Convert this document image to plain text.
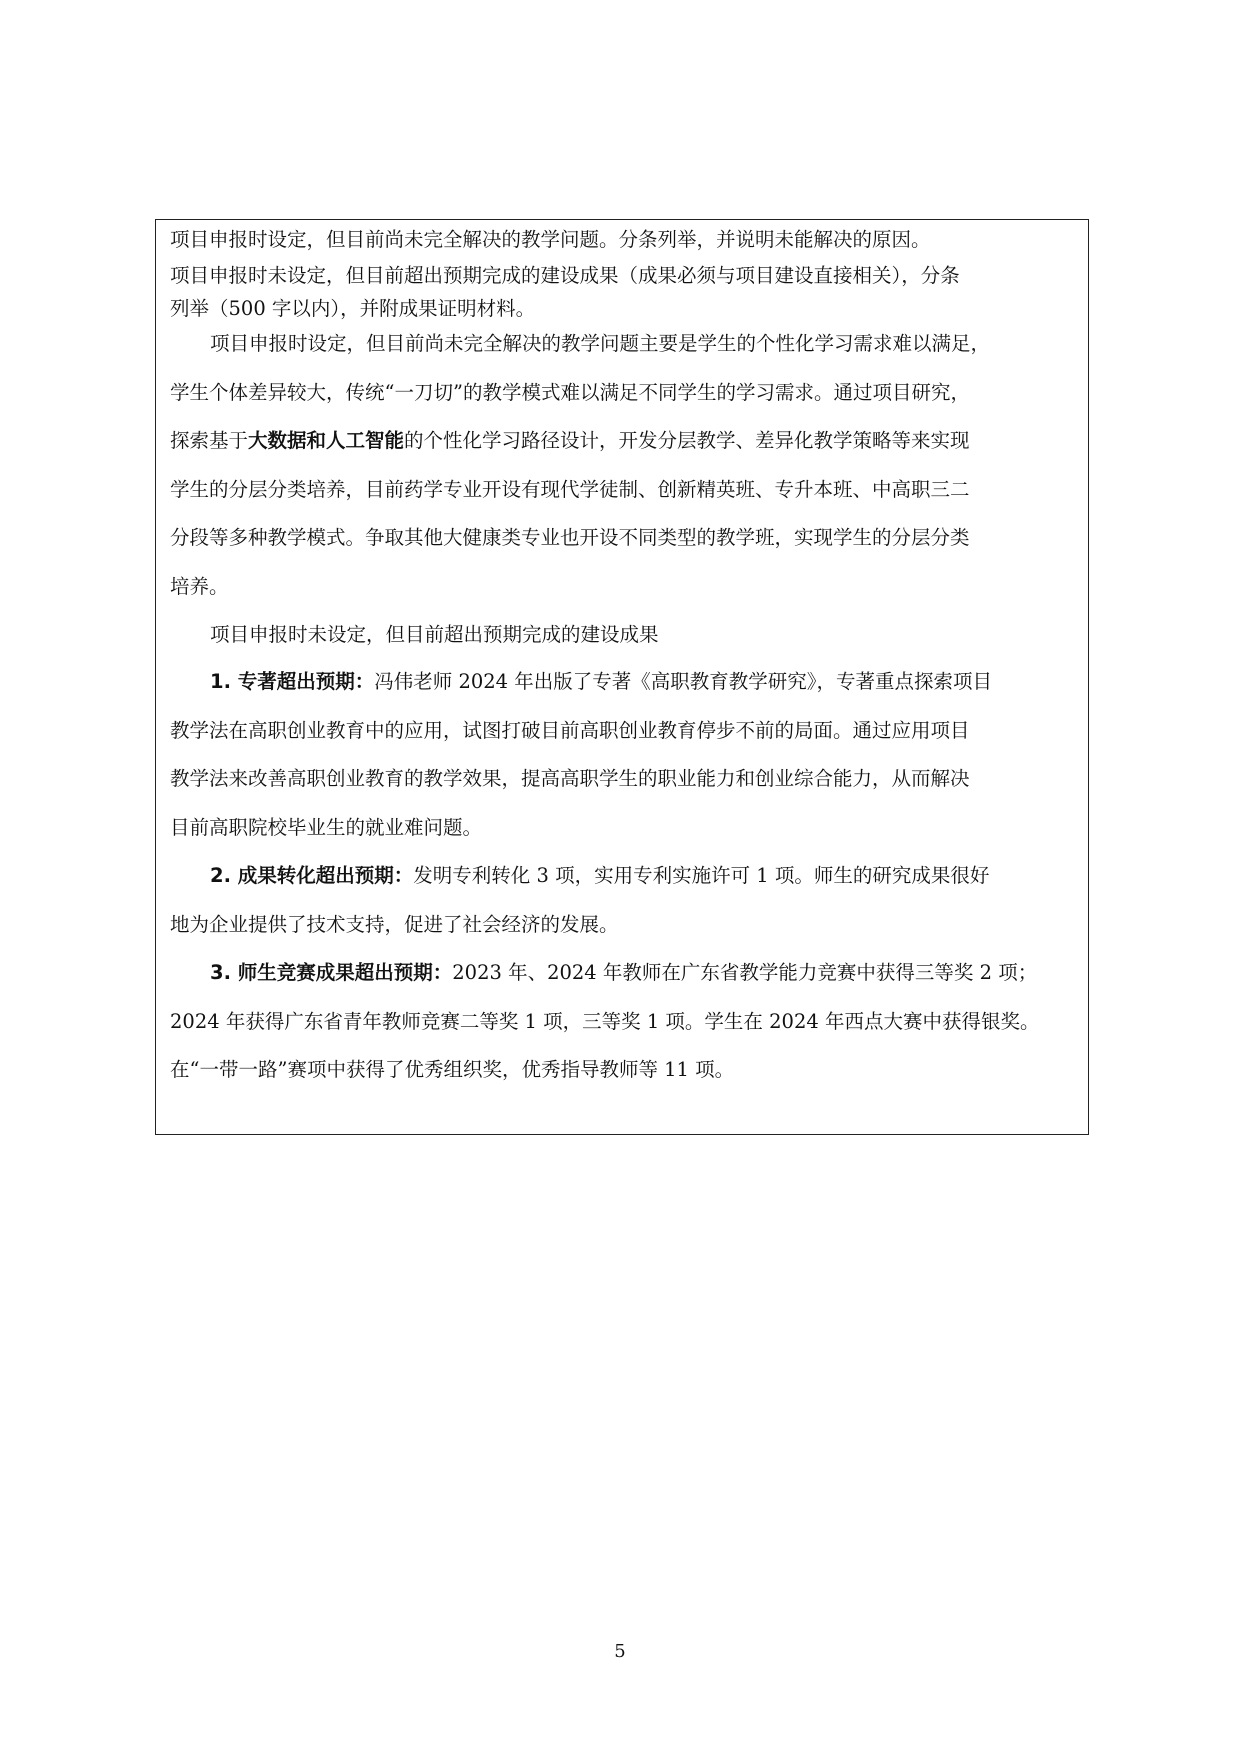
项目申报时设定，但目前尚未完全解决的教学问题。分条列举，并说明未能解决的原因。

项目申报时未设定，但目前超出预期完成的建设成果（成果必须与项目建设直接相关），分条
列举（500 字以内），并附成果证明材料。

项目申报时设定，但目前尚未完全解决的教学问题主要是学生的个性化学习需求难以满足，
学生个体差异较大，传统“一刀切”的教学模式难以满足不同学生的学习需求。通过项目研究，
探索基于大数据和人工智能的个性化学习路径设计，开发分层教学、差异化教学策略等来实现
学生的分层分类培养，目前药学专业开设有现代学徒制、创新精英班、专升本班、中高职三二
分段等多种教学模式。争取其他大健康类专业也开设不同类型的教学班，实现学生的分层分类
培养。
项目申报时未设定，但目前超出预期完成的建设成果
1. 专著超出预期：冯伟老师 2024 年出版了专著《高职教育教学研究》，专著重点探索项目
教学法在高职创业教育中的应用，试图打破目前高职创业教育停步不前的局面。通过应用项目
教学法来改善高职创业教育的教学效果，提高高职学生的职业能力和创业综合能力，从而解决
目前高职院校毕业生的就业难问题。
2. 成果转化超出预期：发明专利转化 3 项，实用专利实施许可 1 项。师生的研究成果很好
地为企业提供了技术支持，促进了社会经济的发展。
3. 师生竞赛成果超出预期：2023 年、2024 年教师在广东省教学能力竞赛中获得三等奖 2 项；
2024 年获得广东省青年教师竞赛二等奖 1 项，三等奖 1 项。学生在 2024 年西点大赛中获得银奖。
在“一带一路”赛项中获得了优秀组织奖，优秀指导教师等 11 项。
5
